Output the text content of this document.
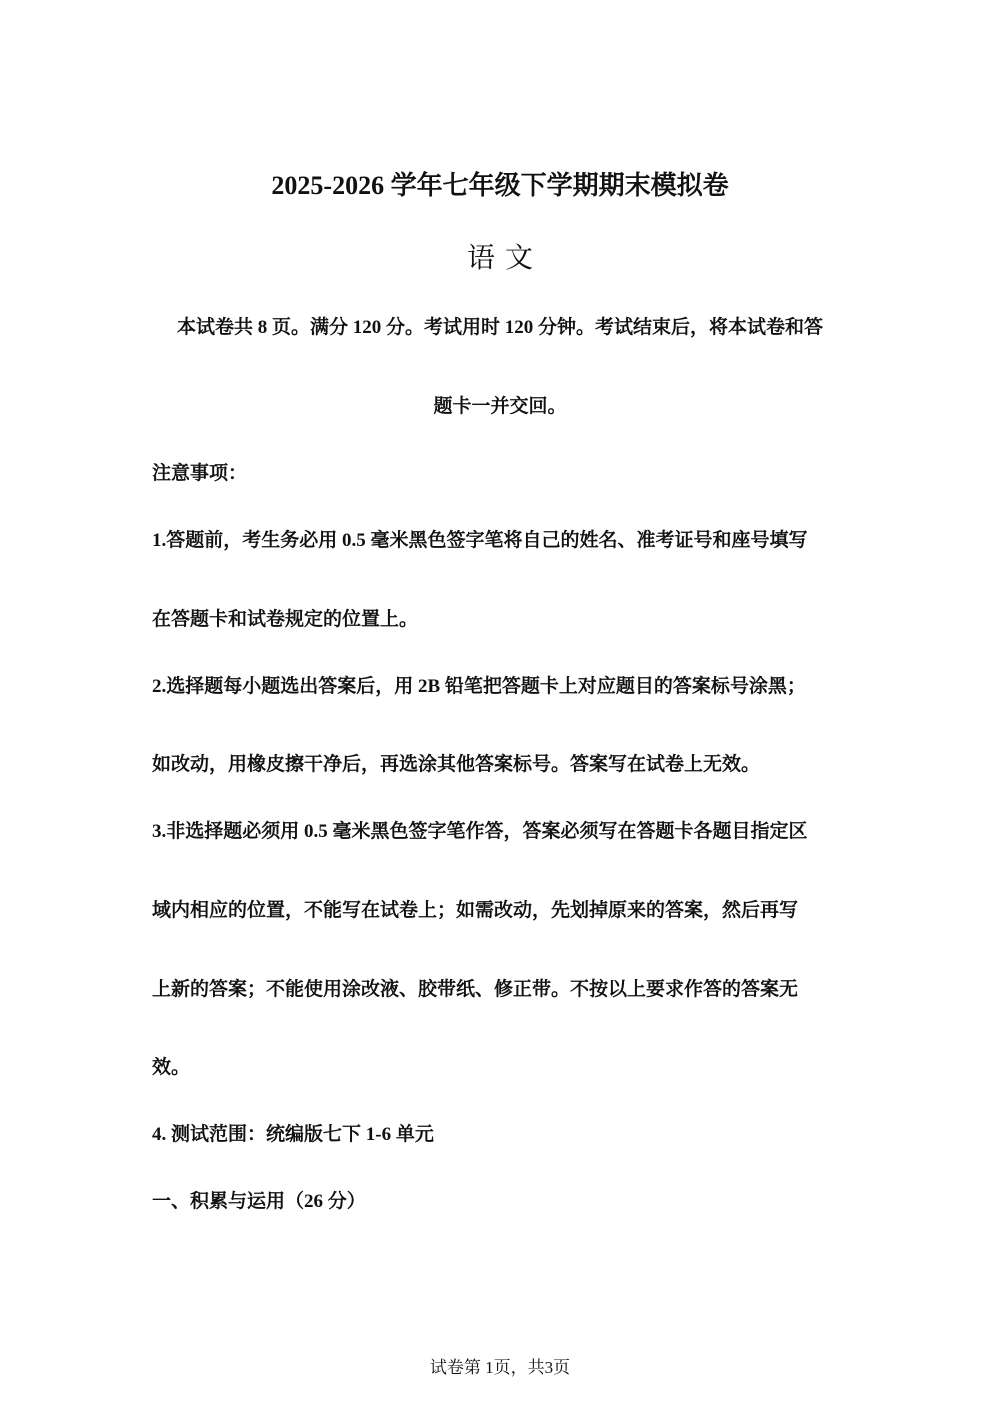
2025-2026 学年七年级下学期期末模拟卷
语文

本试卷共 8 页。满分 120 分。考试用时 120 分钟。考试结束后，将本试卷和答

题卡一并交回。

注意事项：

1.答题前，考生务必用 0.5 毫米黑色签字笔将自己的姓名、准考证号和座号填写

在答题卡和试卷规定的位置上。

2.选择题每小题选出答案后，用 2B 铅笔把答题卡上对应题目的答案标号涂黑；

如改动，用橡皮擦干净后，再选涂其他答案标号。答案写在试卷上无效。

3.非选择题必须用 0.5 毫米黑色签字笔作答，答案必须写在答题卡各题目指定区

域内相应的位置，不能写在试卷上；如需改动，先划掉原来的答案，然后再写

上新的答案；不能使用涂改液、胶带纸、修正带。不按以上要求作答的答案无

效。

4. 测试范围：统编版七下 1-6 单元

一、积累与运用（26 分）

试卷第 1页，共3页
